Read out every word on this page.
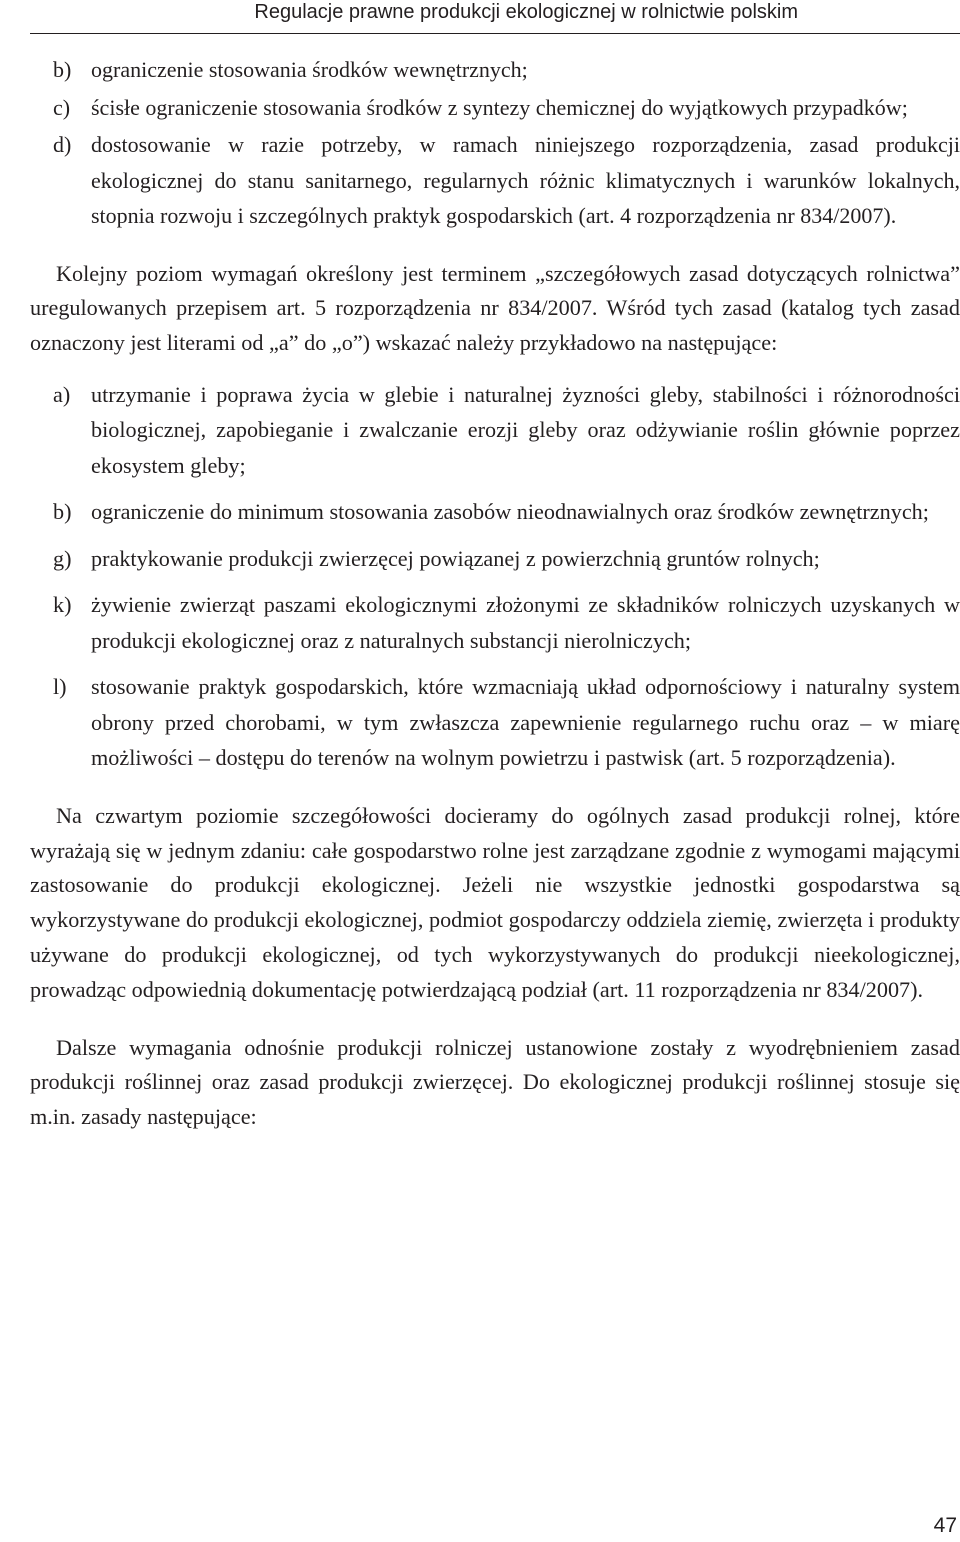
Regulacje prawne produkcji ekologicznej w rolnictwie polskim
b) ograniczenie stosowania środków wewnętrznych;
c) ścisłe ograniczenie stosowania środków z syntezy chemicznej do wyjątkowych przypadków;
d) dostosowanie w razie potrzeby, w ramach niniejszego rozporządzenia, zasad produkcji ekologicznej do stanu sanitarnego, regularnych różnic klimatycznych i warunków lokalnych, stopnia rozwoju i szczególnych praktyk gospodarskich (art. 4 rozporządzenia nr 834/2007).

Kolejny poziom wymagań określony jest terminem „szczegółowych zasad dotyczących rolnictwa” uregulowanych przepisem art. 5 rozporządzenia nr 834/2007. Wśród tych zasad (katalog tych zasad oznaczony jest literami od „a” do „o”) wskazać należy przykładowo na następujące:

a) utrzymanie i poprawa życia w glebie i naturalnej żyzności gleby, stabilności i różnorodności biologicznej, zapobieganie i zwalczanie erozji gleby oraz odżywianie roślin głównie poprzez ekosystem gleby;
b) ograniczenie do minimum stosowania zasobów nieodnawialnych oraz środków zewnętrznych;
g) praktykowanie produkcji zwierzęcej powiązanej z powierzchnią gruntów rolnych;
k) żywienie zwierząt paszami ekologicznymi złożonymi ze składników rolniczych uzyskanych w produkcji ekologicznej oraz z naturalnych substancji nierolniczych;
l)	stosowanie praktyk gospodarskich, które wzmacniają układ odpornościowy i naturalny system obrony przed chorobami, w tym zwłaszcza zapewnienie regularnego ruchu oraz – w miarę możliwości – dostępu do terenów na wolnym powietrzu i pastwisk (art. 5 rozporządzenia).

Na czwartym poziomie szczegółowości docieramy do ogólnych zasad produkcji rolnej, które wyrażają się w jednym zdaniu: całe gospodarstwo rolne jest zarządzane zgodnie z wymogami mającymi zastosowanie do produkcji ekologicznej. Jeżeli nie wszystkie jednostki gospodarstwa są wykorzystywane do produkcji ekologicznej, podmiot gospodarczy oddziela ziemię, zwierzęta i produkty używane do produkcji ekologicznej, od tych wykorzystywanych do produkcji nieekologicznej, prowadząc odpowiednią dokumentację potwierdzającą podział (art. 11 rozporządzenia nr 834/2007).

Dalsze wymagania odnośnie produkcji rolniczej ustanowione zostały z wyodrębnieniem zasad produkcji roślinnej oraz zasad produkcji zwierzęcej. Do ekologicznej produkcji roślinnej stosuje się m.in. zasady następujące:

47
